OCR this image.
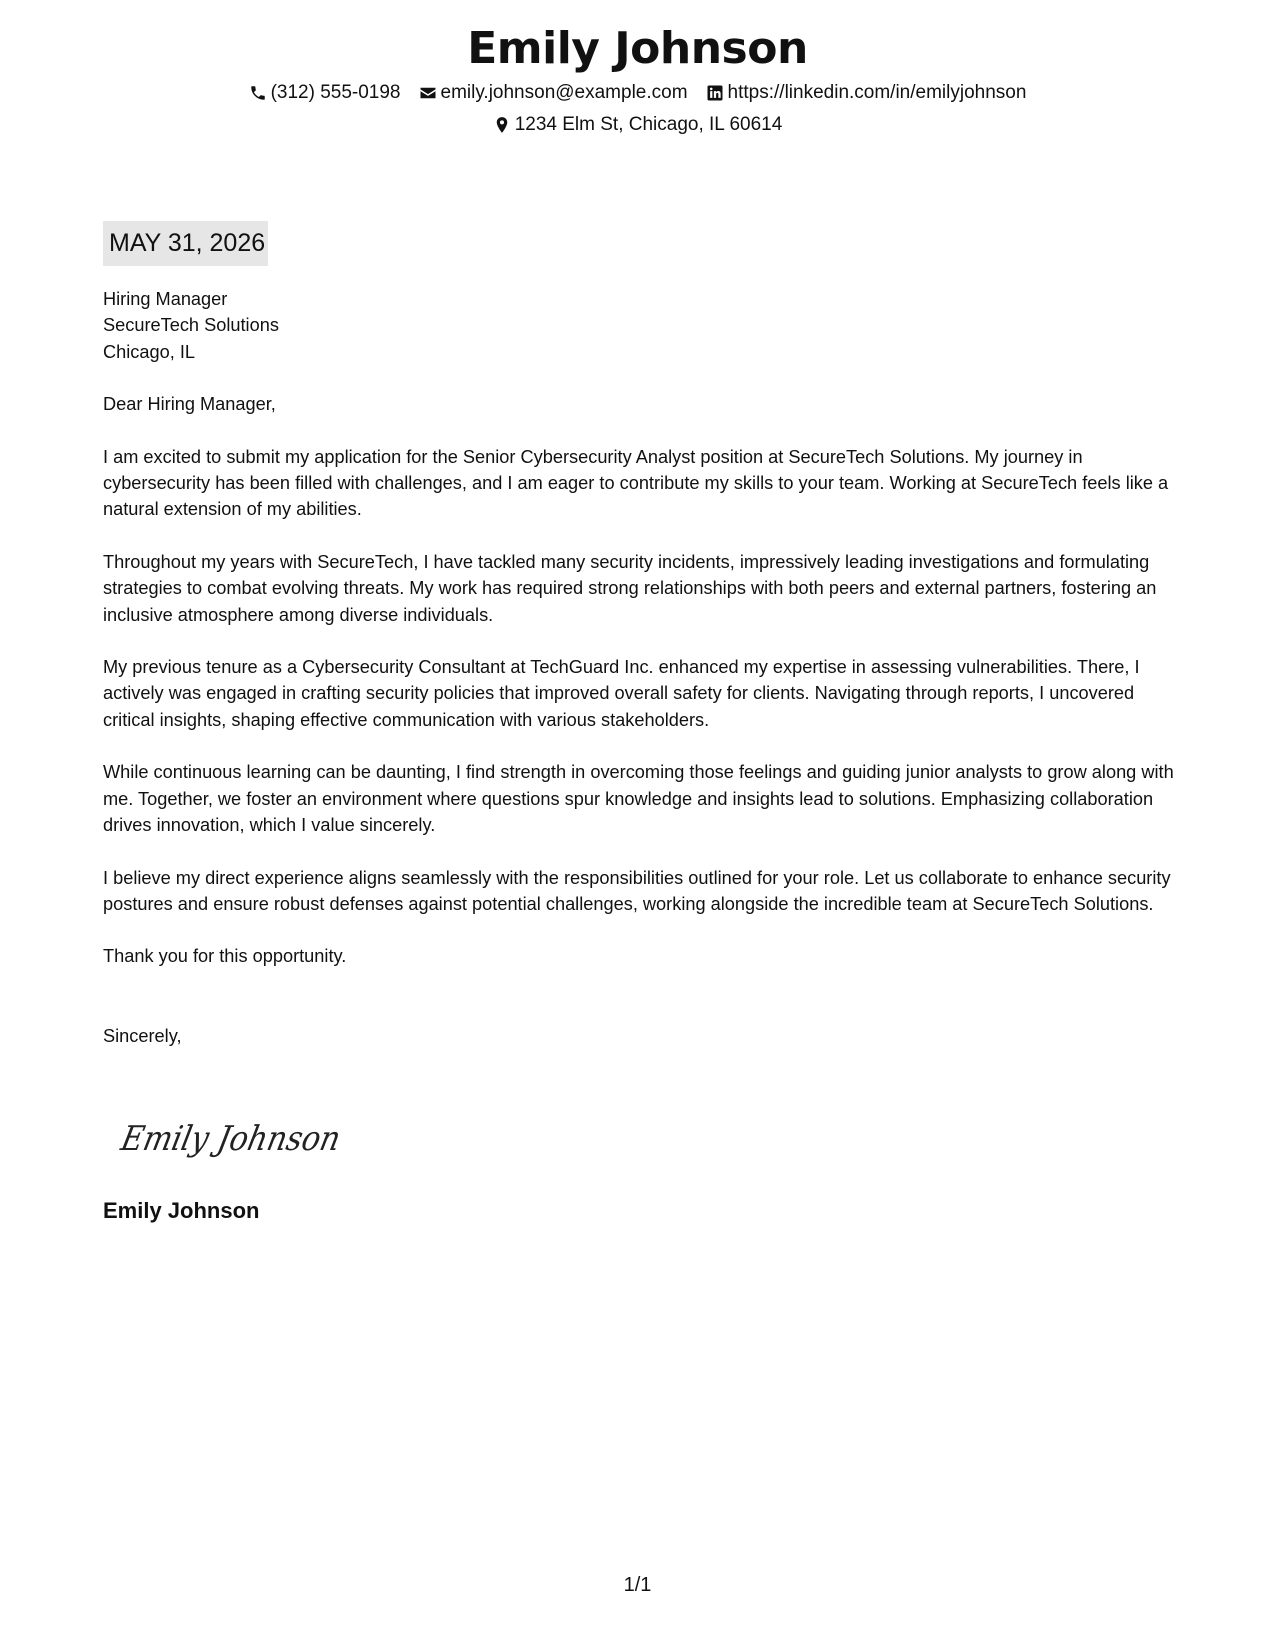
Emily Johnson
(312) 555-0198 emily.johnson@example.com https://linkedin.com/in/emilyjohnson
1234 Elm St, Chicago, IL 60614
MAY 31, 2026
Hiring Manager
SecureTech Solutions
Chicago, IL

Dear Hiring Manager,

I am excited to submit my application for the Senior Cybersecurity Analyst position at SecureTech Solutions. My journey in cybersecurity has been filled with challenges, and I am eager to contribute my skills to your team. Working at SecureTech feels like a natural extension of my abilities.

Throughout my years with SecureTech, I have tackled many security incidents, impressively leading investigations and formulating strategies to combat evolving threats. My work has required strong relationships with both peers and external partners, fostering an inclusive atmosphere among diverse individuals.

My previous tenure as a Cybersecurity Consultant at TechGuard Inc. enhanced my expertise in assessing vulnerabilities. There, I actively was engaged in crafting security policies that improved overall safety for clients. Navigating through reports, I uncovered critical insights, shaping effective communication with various stakeholders.

While continuous learning can be daunting, I find strength in overcoming those feelings and guiding junior analysts to grow along with me. Together, we foster an environment where questions spur knowledge and insights lead to solutions. Emphasizing collaboration drives innovation, which I value sincerely.

I believe my direct experience aligns seamlessly with the responsibilities outlined for your role. Let us collaborate to enhance security postures and ensure robust defenses against potential challenges, working alongside the incredible team at SecureTech Solutions.

Thank you for this opportunity.

Sincerely,

Emily Johnson
Emily Johnson
1/1
